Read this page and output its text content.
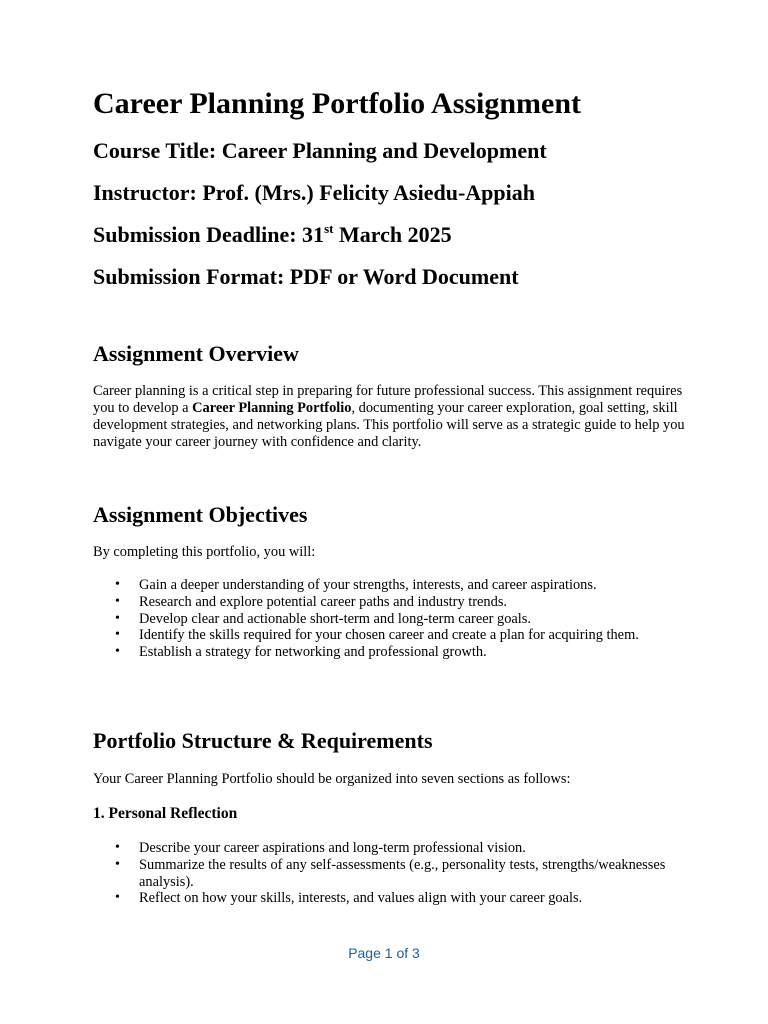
Career Planning Portfolio Assignment

Course Title: Career Planning and Development

Instructor: Prof. (Mrs.) Felicity Asiedu-Appiah

Submission Deadline: 31st March 2025

Submission Format: PDF or Word Document

Assignment Overview

Career planning is a critical step in preparing for future professional success. This assignment requires you to develop a Career Planning Portfolio, documenting your career exploration, goal setting, skill development strategies, and networking plans. This portfolio will serve as a strategic guide to help you navigate your career journey with confidence and clarity.

Assignment Objectives

By completing this portfolio, you will:

• Gain a deeper understanding of your strengths, interests, and career aspirations.
• Research and explore potential career paths and industry trends.
• Develop clear and actionable short-term and long-term career goals.
• Identify the skills required for your chosen career and create a plan for acquiring them.
• Establish a strategy for networking and professional growth.
Portfolio Structure & Requirements

Your Career Planning Portfolio should be organized into seven sections as follows:

1. Personal Reflection

• Describe your career aspirations and long-term professional vision.
• Summarize the results of any self-assessments (e.g., personality tests, strengths/weaknesses analysis).
• Reflect on how your skills, interests, and values align with your career goals.
Page 1 of 3
